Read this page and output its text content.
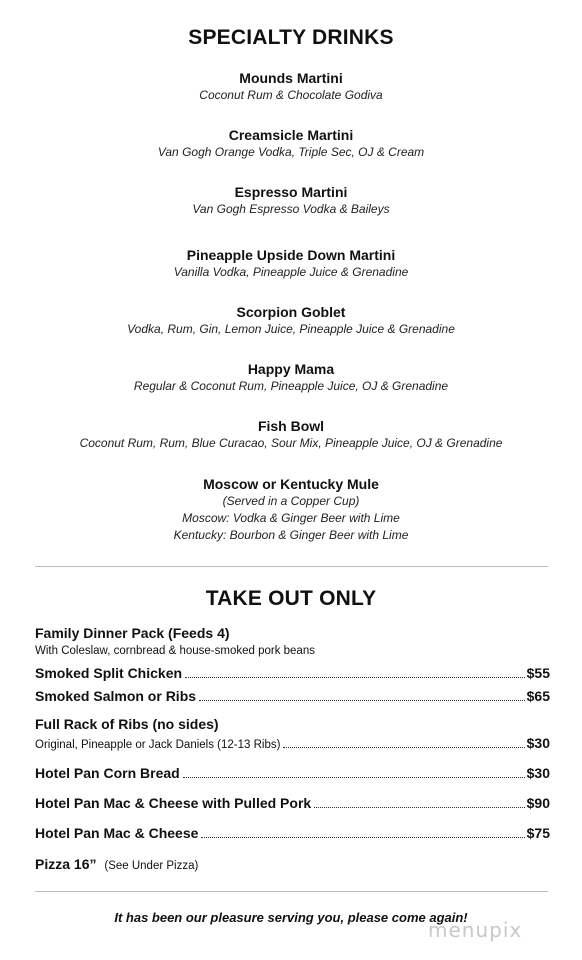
SPECIALTY DRINKS
Mounds Martini
Coconut Rum & Chocolate Godiva
Creamsicle Martini
Van Gogh Orange Vodka, Triple Sec, OJ & Cream
Espresso Martini
Van Gogh Espresso Vodka & Baileys
Pineapple Upside Down Martini
Vanilla Vodka, Pineapple Juice & Grenadine
Scorpion Goblet
Vodka, Rum, Gin, Lemon Juice, Pineapple Juice & Grenadine
Happy Mama
Regular & Coconut Rum, Pineapple Juice, OJ & Grenadine
Fish Bowl
Coconut Rum, Rum, Blue Curacao, Sour Mix, Pineapple Juice, OJ & Grenadine
Moscow or Kentucky Mule
(Served in a Copper Cup)
Moscow: Vodka & Ginger Beer with Lime
Kentucky: Bourbon & Ginger Beer with Lime
TAKE OUT ONLY
Family Dinner Pack (Feeds 4)
With Coleslaw, cornbread & house-smoked pork beans
Smoked Split Chicken	$55
Smoked Salmon or Ribs	$65
Full Rack of Ribs (no sides)
Original, Pineapple or Jack Daniels (12-13 Ribs)	$30
Hotel Pan Corn Bread	$30
Hotel Pan Mac & Cheese with Pulled Pork	$90
Hotel Pan Mac & Cheese	$75
Pizza 16” (See Under Pizza)
It has been our pleasure serving you, please come again!
menupix
